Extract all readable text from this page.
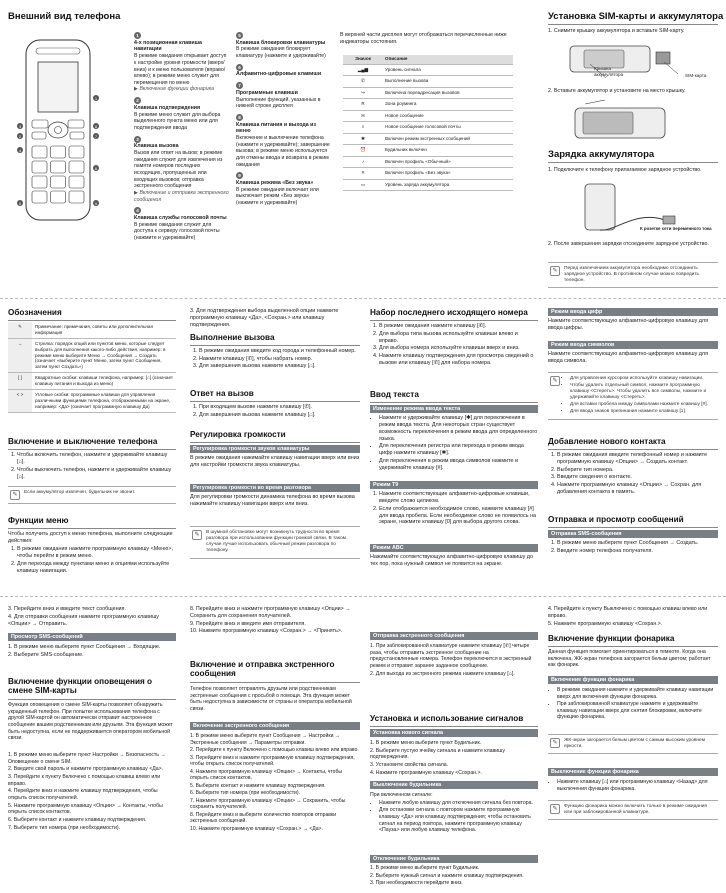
Внешний вид телефона
3
2
8
1
6
5	9
4
7
1
4-х позиционная клавиша навигации
В режиме ожидания открывает доступ к настройке уровня громкости (вверх/вниз) и к меню пользователя (вправо/влево); в режиме меню служит для перемещения по меню
▶ Включение функции фонарика
2
Клавиша подтверждения
В режиме меню служит для выбора выделенного пункта меню или для подтверждения ввода
3
Клавиша вызова
Вызов или ответ на вызов; в режиме ожидания служит для извлечения из памяти номеров последних исходящих, пропущенных или входящих вызовов; отправка экстренного сообщения
▶ Включение и отправка экстренного сообщения
4
Клавиша службы голосовой почты
В режиме ожидания служит для доступа к серверу голосовой почты (нажмите и удерживайте)
5
Клавиша блокировки клавиатуры
В режиме ожидания блокирует клавиатуру (нажмите и удерживайте)
6
Алфавитно-цифровые клавиши
7
Программные клавиши
Выполнение функций, указанных в нижней строке дисплея
8
Клавиша питания и выхода из меню
Включение и выключение телефона (нажмите и удерживайте); завершение вызова; в режиме меню используется для отмены ввода и возврата в режим ожидания
9
Клавиша режима «Без звука»
В режиме ожидания включает или выключает режим «Без звука» (нажмите и удерживайте)
В верхней части дисплея могут отображаться перечисленные ниже индикаторы состояния.
Значок	Описание
▂▄▆	Уровень сигнала
✆	Выполнение вызова
↪	Включена переадресация вызовов
R	Зона роуминга
✉	Новое сообщение
⌕	Новое сообщение голосовой почты
✱	Включен режим экстренных сообщений
⏰	Будильник включен
♪	Включен профиль «Обычный»
✕	Включен профиль «Без звука»
▭	Уровень заряда аккумулятора
Установка SIM-карты и аккумулятора
1. Снимите крышку аккумулятора и вставьте SIM-карту.
Крышка аккумулятора	SIM-карта
2. Вставьте аккумулятор и установите на место крышку.
Зарядка аккумулятора
1. Подключите к телефону прилагаемое зарядное устройство.
К розетке сети переменного тока
2. После завершения зарядки отсоедините зарядное устройство.
✎	Перед извлечением аккумулятора необходимо отсоединить зарядное устройство. В противном случае можно повредить телефон.
Обозначения
✎	Примечание: примечания, советы или дополнительная информация
→	Стрелка: порядок опций или пунктов меню, которые следует выбрать для выполнения какого-либо действия, например: в режиме меню выберите Меню → Сообщения → Создать (означает «выберите пункт Меню, затем пункт Сообщения, затем пункт Создать»)
[ ]	Квадратные скобки: клавиши телефона, например: [⌂] (означает клавишу питания и выхода из меню)
< >	Угловые скобки: программные клавиши для управления различными функциями телефона, отображаемыми на экране, например: <Да> (означает программную клавишу Да)
Включение и выключение телефона
1. Чтобы включить телефон, нажмите и удерживайте клавишу [⌂].
2. Чтобы выключить телефон, нажмите и удерживайте клавишу [⌂].
✎	Если аккумулятор извлечен, будильник не звонит.
Функции меню
Чтобы получить доступ к меню телефона, выполните следующие действия:
1. В режиме ожидания нажмите программную клавишу <Меню>, чтобы перейти в режим меню.
2. Для перехода между пунктами меню и опциями используйте клавишу навигации.
3. Для подтверждения выбора выделенной опции нажмите программную клавишу <Да>, <Сохран.> или клавишу подтверждения.
Выполнение вызова
1. В режиме ожидания введите код города и телефонный номер.
2. Нажмите клавишу [✆], чтобы набрать номер.
3. Для завершения вызова нажмите клавишу [⌂].
Ответ на вызов
1. При входящем вызове нажмите клавишу [✆].
2. Для завершения вызова нажмите клавишу [⌂].
Регулировка громкости
Регулировка громкости звуков клавиатуры
В режиме ожидания нажимайте клавишу навигации вверх или вниз для настройки громкости звука клавиатуры.
Регулировка громкости во время разговора
Для регулировки громкости динамика телефона во время вызова нажимайте клавишу навигации вверх или вниз.
✎	В шумной обстановке могут возникнуть трудности во время разговора при использовании функции громкой связи. В таком случае лучше использовать обычный режим разговора по телефону.
Набор последнего исходящего номера
1. В режиме ожидания нажмите клавишу [✆].
2. Для выбора типа вызова используйте клавиши влево и вправо.
3. Для выбора номера используйте клавиши вверх и вниз.
4. Нажмите клавишу подтверждения для просмотра сведений о вызове или клавишу [✆] для набора номера.
Ввод текста
Изменение режима ввода текста
• Нажмите и удерживайте клавишу [✱] для переключения в режим ввода текста. Для некоторых стран существует возможность переключения в режим ввода для определенного языка.
• Для переключения регистра или перехода в режим ввода цифр нажмите клавишу [✱].
• Для переключения в режим ввода символов нажмите и удерживайте клавишу [#].
Режим T9
1. Нажмите соответствующие алфавитно-цифровые клавиши, введите слово целиком.
2. Если отображается необходимое слово, нажмите клавишу [#] для ввода пробела. Если необходимое слово не появилось на экране, нажмите клавишу [0] для выбора другого слова.
Режим ABC
Нажимайте соответствующую алфавитно-цифровую клавишу до тех пор, пока нужный символ не появится на экране.
Режим ввода цифр
Нажмите соответствующую алфавитно-цифровую клавишу для ввода цифры.
Режим ввода символов
Нажмите соответствующую алфавитно-цифровую клавишу для ввода символа.
✎	• Для управления курсором используйте клавишу навигации.
• Чтобы удалить отдельный символ, нажмите программную клавишу <Стереть>. Чтобы удалить все символы, нажмите и удерживайте клавишу <Стереть>.
• Для вставки пробела между символами нажмите клавишу [#].
• Для ввода знаков препинания нажмите клавишу [1].
Добавление нового контакта
1. В режиме ожидания введите телефонный номер и нажмите программную клавишу <Опции> → Создать контакт.
2. Выберите тип номера.
3. Введите сведения о контакте.
4. Нажмите программную клавишу <Опции> → Сохран. для добавления контакта в память.
Отправка и просмотр сообщений
Отправка SMS-сообщения
1. В режиме меню выберите пункт Сообщения → Создать.
2. Введите номер телефона получателя.

3. Перейдите вниз и введите текст сообщения.

4. Для отправки сообщения нажмите программную клавишу <Опции> → Отправить.

Просмотр SMS-сообщений

1. В режиме меню выберите пункт Сообщения → Входящие.

2. Выберите SMS-сообщение.

Включение функции оповещения о смене SIM-карты
Функция оповещения о смене SIM-карты позволяет обнаружить украденный телефон. При попытке использования телефона с другой SIM-картой он автоматически отправит настроенное сообщение вашим родственникам или друзьям. Эта функция может быть недоступна, если не поддерживается оператором мобильной связи.

1. В режиме меню выберите пункт Настройки → Безопасность → Оповещение о смене SIM.

2. Введите свой пароль и нажмите программную клавишу <Да>.

3. Перейдите к пункту Включено с помощью клавиш влево или вправо.

4. Перейдите вниз и нажмите клавишу подтверждения, чтобы открыть список получателей.

5. Нажмите программную клавишу <Опции> → Контакты, чтобы открыть список контактов.

6. Выберите контакт и нажмите клавишу подтверждения.

7. Выберите тип номера (при необходимости).

8. Перейдите вниз и нажмите программную клавишу <Опции> → Сохранить для сохранения получателей.

9. Перейдите вниз и введите имя отправителя.

10. Нажмите программную клавишу <Сохран.> → <Принять>.

Включение и отправка экстренного сообщения
Телефон позволяет отправлять друзьям или родственникам экстренные сообщения с просьбой о помощи. Эта функция может быть недоступна в зависимости от страны и оператора мобильной связи.
Включение экстренного сообщения

1. В режиме меню выберите пункт Сообщения → Настройки → Экстренные сообщения → Параметры отправки.

2. Перейдите к пункту Включено с помощью клавиш влево или вправо.

3. Перейдите вниз и нажмите программную клавишу подтверждения, чтобы открыть список получателей.

4. Нажмите программную клавишу <Опции> → Контакты, чтобы открыть список контактов.

5. Выберите контакт и нажмите клавишу подтверждения.

6. Выберите тип номера (при необходимости).

7. Нажмите программную клавишу <Опции> → Сохранить, чтобы сохранить получателей.

8. Перейдите вниз и выберите количество повторов отправки экстренных сообщений.

10. Нажмите программную клавишу <Сохран.> → <Да>.

Отправка экстренного сообщения

1. При заблокированной клавиатуре нажмите клавишу [✆] четыре раза, чтобы отправить экстренное сообщение на предустановленные номера. Телефон переключится в экстренный режим и отправит заранее заданное сообщение.

2. Для выхода из экстренного режима нажмите клавишу [⌂].

Установка и использование сигналов
Установка нового сигнала

1. В режиме меню выберите пункт Будильник.

2. Выберите пустую ячейку сигнала и нажмите клавишу подтверждения.

3. Установите свойства сигнала.

4. Нажмите программную клавишу <Сохран.>.

Выключение будильника
При включенном сигнале:
• Нажмите любую клавишу для отключения сигнала без повтора.
• Для остановки сигнала с повтором нажмите программную клавишу <Да> или клавишу подтверждения; чтобы остановить сигнал на период повтора, нажмите программную клавишу <Пауза> или любую клавишу телефона.
Отключение будильника

1. В режиме меню выберите пункт Будильник.

2. Выберите нужный сигнал и нажмите клавишу подтверждения.

3. При необходимости перейдите вниз.

4. Перейдите к пункту Выключено с помощью клавиш влево или вправо.

5. Нажмите программную клавишу <Сохран.>.

Включение функции фонарика
Данная функция помогает ориентироваться в темноте. Когда она включена, ЖК-экран телефона загорается белым цветом; работает как фонарик.
Включение функции фонарика
• В режиме ожидания нажмите и удерживайте клавишу навигации вверх для включения функции фонарика.
• При заблокированной клавиатуре нажмите и удерживайте клавишу навигации вверх для снятия блокировки, включите функцию фонарика.
✎	ЖК-экран загорается белым цветом с самым высоким уровнем яркости.
Выключение функции фонарика
• Нажмите клавишу [⌂] или программную клавишу <Назад> для выключения функции фонарика.
✎	Функцию фонарика можно включить только в режиме ожидания или при заблокированной клавиатуре.
